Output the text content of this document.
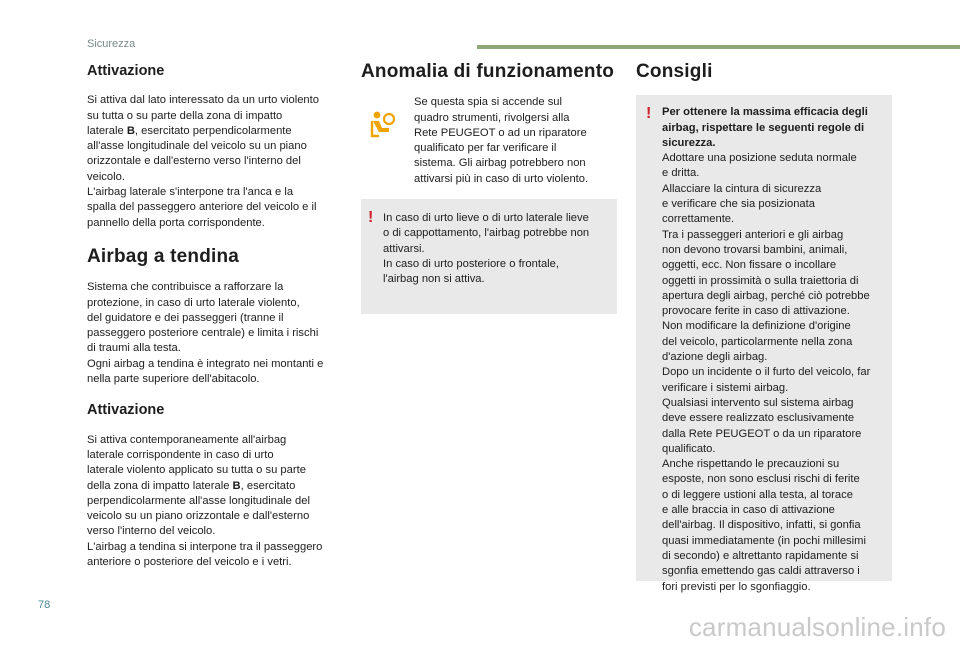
Sicurezza
Attivazione

Si attiva dal lato interessato da un urto violento
su tutta o su parte della zona di impatto
laterale B, esercitato perpendicolarmente
all'asse longitudinale del veicolo su un piano
orizzontale e dall'esterno verso l'interno del
veicolo.
L'airbag laterale s'interpone tra l'anca e la
spalla del passeggero anteriore del veicolo e il
pannello della porta corrispondente.

Airbag a tendina

Sistema che contribuisce a rafforzare la
protezione, in caso di urto laterale violento,
del guidatore e dei passeggeri (tranne il
passeggero posteriore centrale) e limita i rischi
di traumi alla testa.
Ogni airbag a tendina è integrato nei montanti e
nella parte superiore dell'abitacolo.

Attivazione

Si attiva contemporaneamente all'airbag
laterale corrispondente in caso di urto
laterale violento applicato su tutta o su parte
della zona di impatto laterale B, esercitato
perpendicolarmente all'asse longitudinale del
veicolo su un piano orizzontale e dall'esterno
verso l'interno del veicolo.
L'airbag a tendina si interpone tra il passeggero
anteriore o posteriore del veicolo e i vetri.

Anomalia di funzionamento

Se questa spia si accende sul
quadro strumenti, rivolgersi alla
Rete PEUGEOT o ad un riparatore
qualificato per far verificare il
sistema. Gli airbag potrebbero non
attivarsi più in caso di urto violento.

! In caso di urto lieve o di urto laterale lieve
o di cappottamento, l'airbag potrebbe non
attivarsi.
In caso di urto posteriore o frontale,
l'airbag non si attiva.

Consigli
! Per ottenere la massima efficacia degli
airbag, rispettare le seguenti regole di
sicurezza.

Adottare una posizione seduta normale
e dritta.
Allacciare la cintura di sicurezza
e verificare che sia posizionata
correttamente.
Tra i passeggeri anteriori e gli airbag
non devono trovarsi bambini, animali,
oggetti, ecc. Non fissare o incollare
oggetti in prossimità o sulla traiettoria di
apertura degli airbag, perché ciò potrebbe
provocare ferite in caso di attivazione.
Non modificare la definizione d'origine
del veicolo, particolarmente nella zona
d'azione degli airbag.
Dopo un incidente o il furto del veicolo, far
verificare i sistemi airbag.
Qualsiasi intervento sul sistema airbag
deve essere realizzato esclusivamente
dalla Rete PEUGEOT o da un riparatore
qualificato.
Anche rispettando le precauzioni su
esposte, non sono esclusi rischi di ferite
o di leggere ustioni alla testa, al torace
e alle braccia in caso di attivazione
dell'airbag. Il dispositivo, infatti, si gonfia
quasi immediatamente (in pochi millesimi
di secondo) e altrettanto rapidamente si
sgonfia emettendo gas caldi attraverso i
fori previsti per lo sgonfiaggio.

78
carmanualsonline.info
